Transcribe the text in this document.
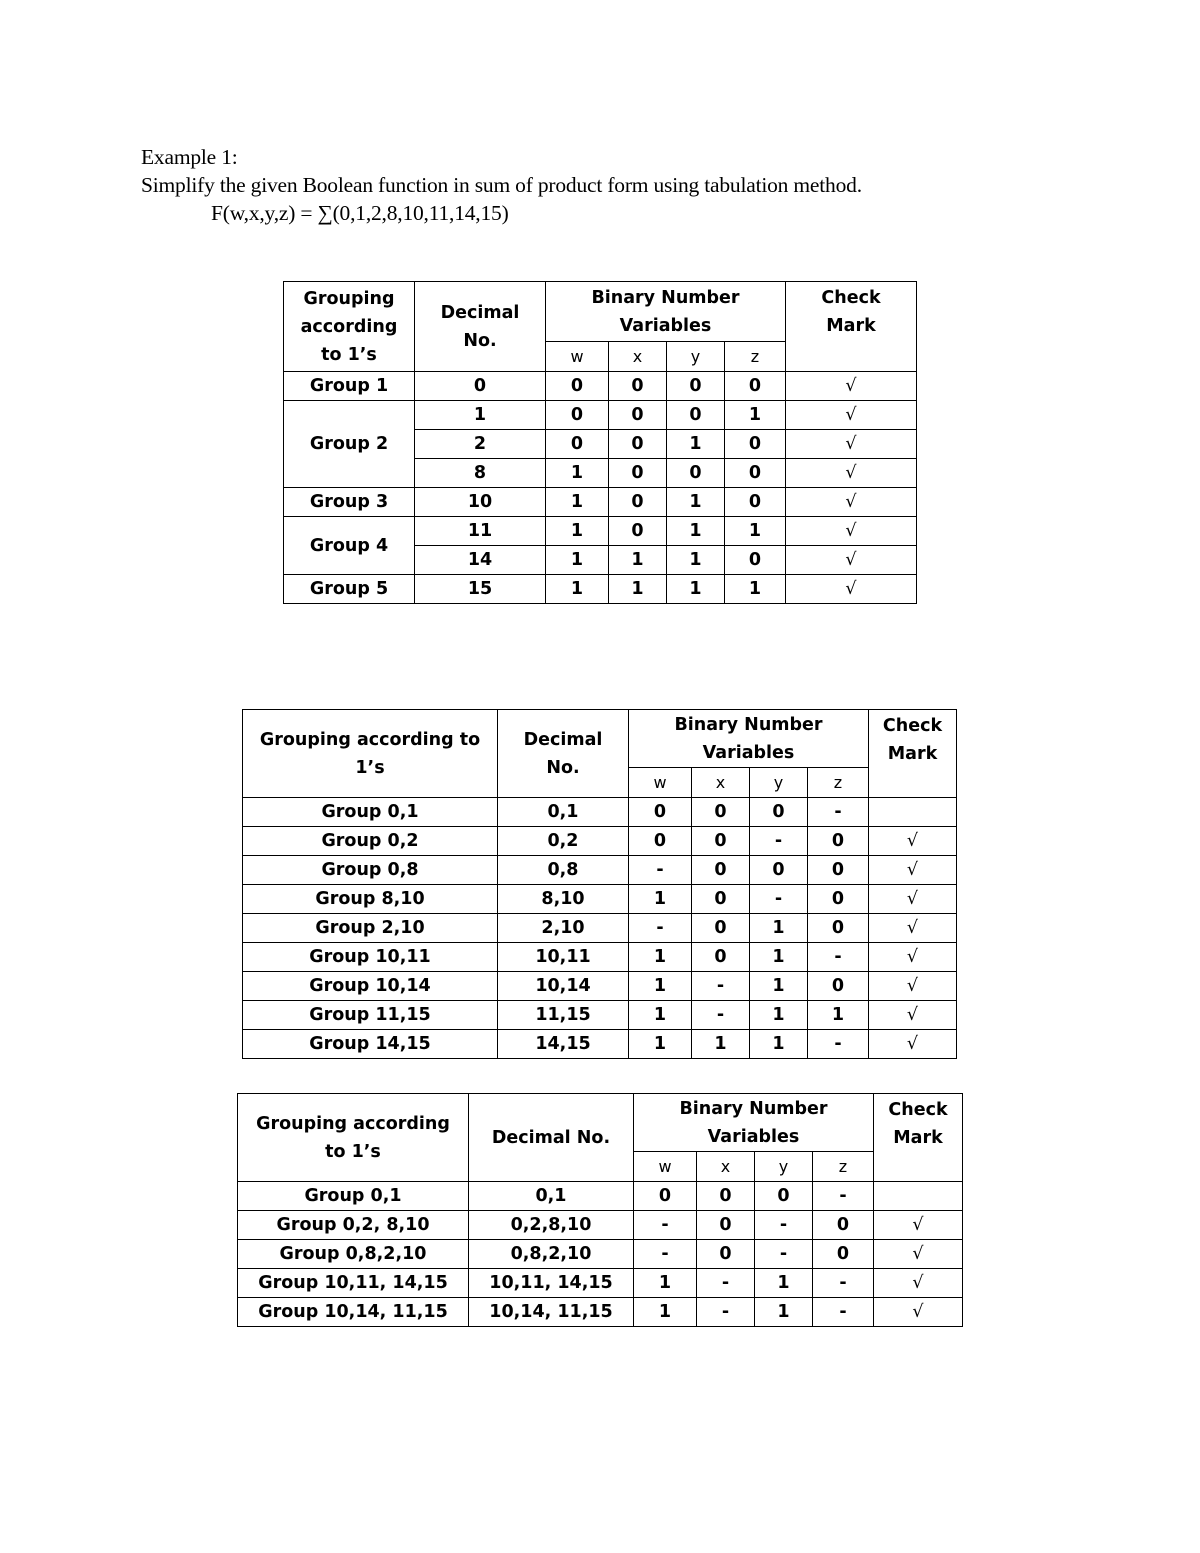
Example 1:
Simplify the given Boolean function in sum of product form using tabulation method.
F(w,x,y,z) = ∑(0,1,2,8,10,11,14,15)
Grouping according to 1’s	Decimal No.	Binary Number Variables				Check Mark
		w	x	y	z	
Group 1	0	0	0	0	0	√
Group 2	1	0	0	0	1	√
	2	0	0	1	0	√
	8	1	0	0	0	√
Group 3	10	1	0	1	0	√
Group 4	11	1	0	1	1	√
	14	1	1	1	0	√
Group 5	15	1	1	1	1	√
Grouping according to 1’s	Decimal No.	Binary Number Variables				Check Mark
		w	x	y	z	
Group 0,1	0,1	0	0	0	-	
Group 0,2	0,2	0	0	-	0	√
Group 0,8	0,8	-	0	0	0	√
Group 8,10	8,10	1	0	-	0	√
Group 2,10	2,10	-	0	1	0	√
Group 10,11	10,11	1	0	1	-	√
Group 10,14	10,14	1	-	1	0	√
Group 11,15	11,15	1	-	1	1	√
Group 14,15	14,15	1	1	1	-	√
Grouping according to 1’s	Decimal No.	Binary Number Variables				Check Mark
		w	x	y	z	
Group 0,1	0,1	0	0	0	-	
Group 0,2, 8,10	0,2,8,10	-	0	-	0	√
Group 0,8,2,10	0,8,2,10	-	0	-	0	√
Group 10,11, 14,15	10,11, 14,15	1	-	1	-	√
Group 10,14, 11,15	10,14, 11,15	1	-	1	-	√
